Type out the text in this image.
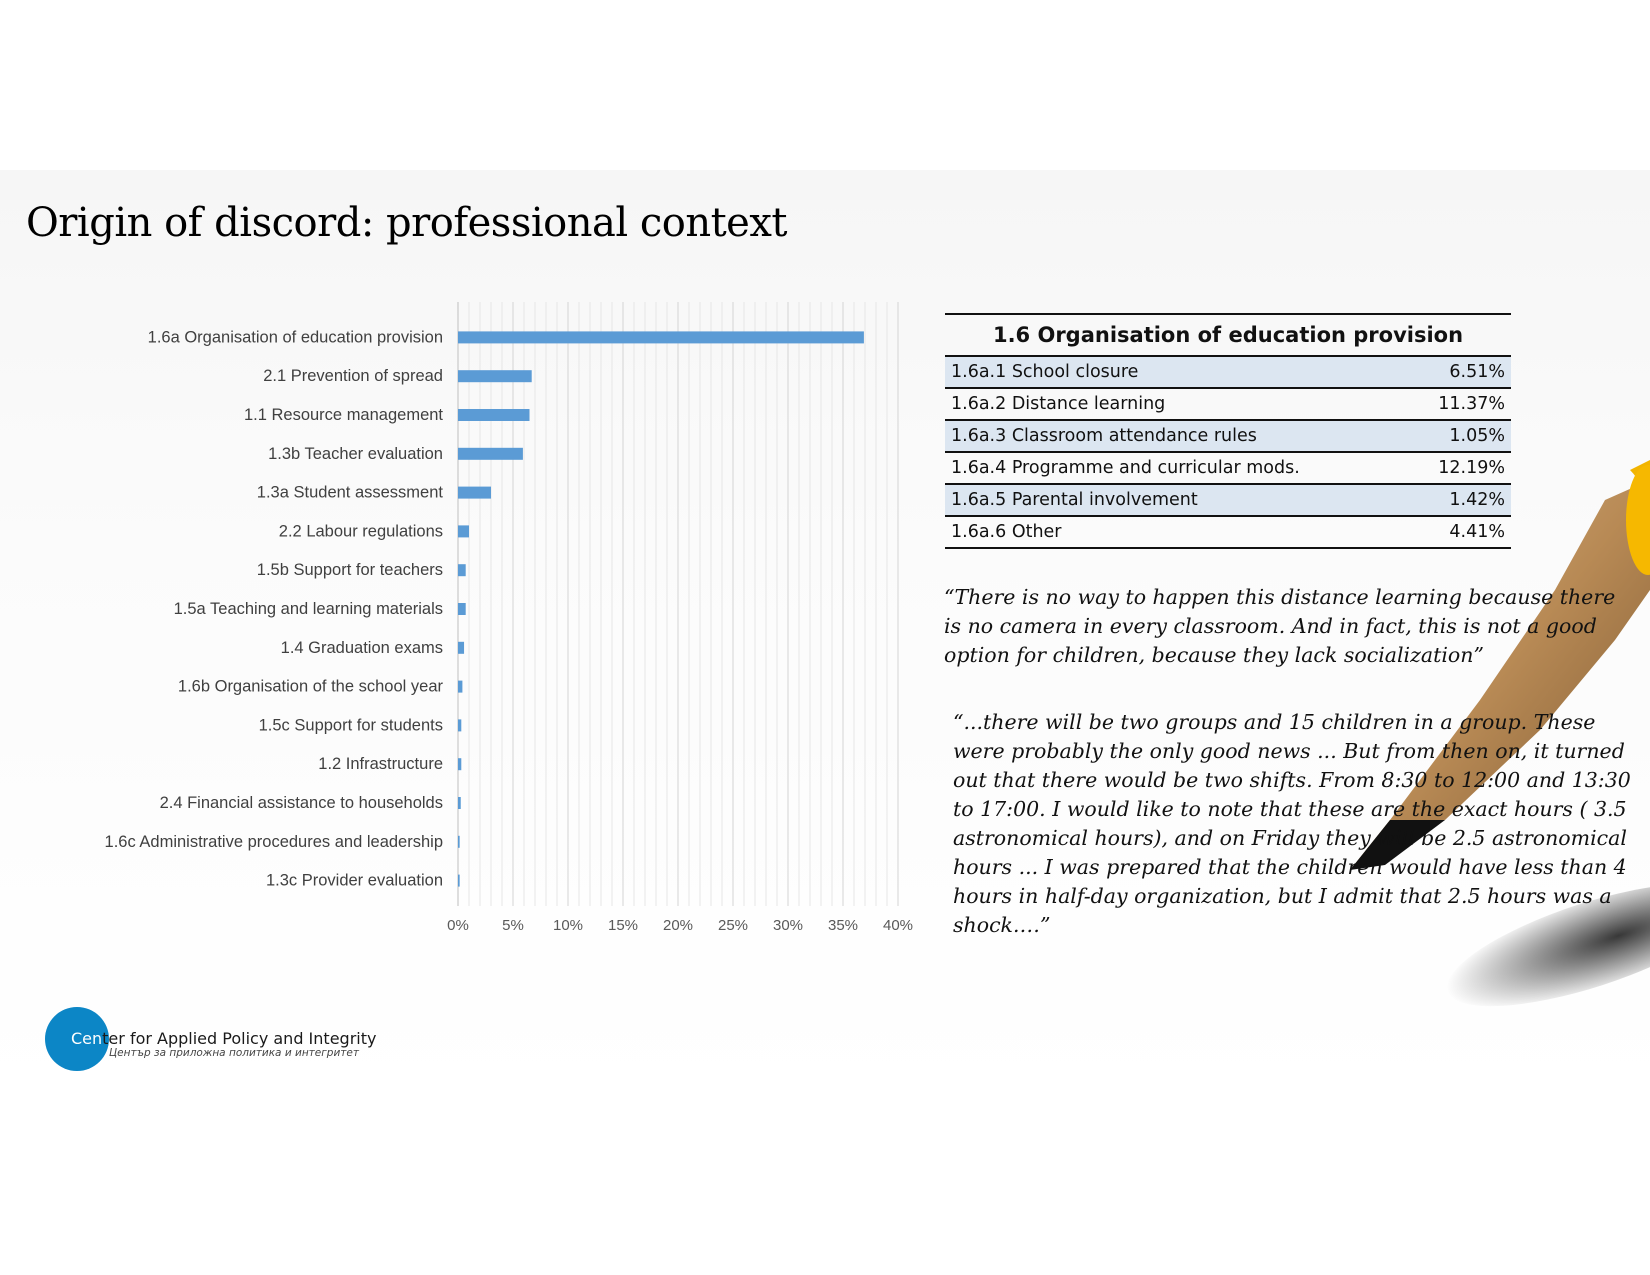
Origin of discord: professional context
0% 5% 10% 15% 20% 25% 30% 35% 40%
1.6a Organisation of education provision
2.1 Prevention of spread
1.1 Resource management
1.3b Teacher evaluation
1.3a Student assessment
2.2 Labour regulations
1.5b Support for teachers
1.5a Teaching and learning materials
1.4 Graduation exams
1.6b Organisation of the school year
1.5c Support for students
1.2 Infrastructure
2.4 Financial assistance to households
1.6c Administrative procedures and leadership
1.3c Provider evaluation
1.6 Organisation of education provision
1.6a.1 School closure	6.51%
1.6a.2 Distance learning	11.37%
1.6a.3 Classroom attendance rules	1.05%
1.6a.4 Programme and curricular mods.	12.19%
1.6a.5 Parental involvement	1.42%
1.6a.6 Other	4.41%

“There is no way to happen this distance learning because there is no camera in every classroom. And in fact, this is not a good option for children, because they lack socialization”

“...there will be two groups and 15 children in a group. These were probably the only good news ... But from then on, it turned out that there would be two shifts. From 8:30 to 12:00 and 13:30 to 17:00. I would like to note that these are the exact hours ( 3.5 astronomical hours), and on Friday they will be 2.5 astronomical hours ... I was prepared that the children would have less than 4 hours in half-day organization, but I admit that 2.5 hours was a shock.…”

Center for Applied Policy and Integrity
Център за приложна политика и интегритет
